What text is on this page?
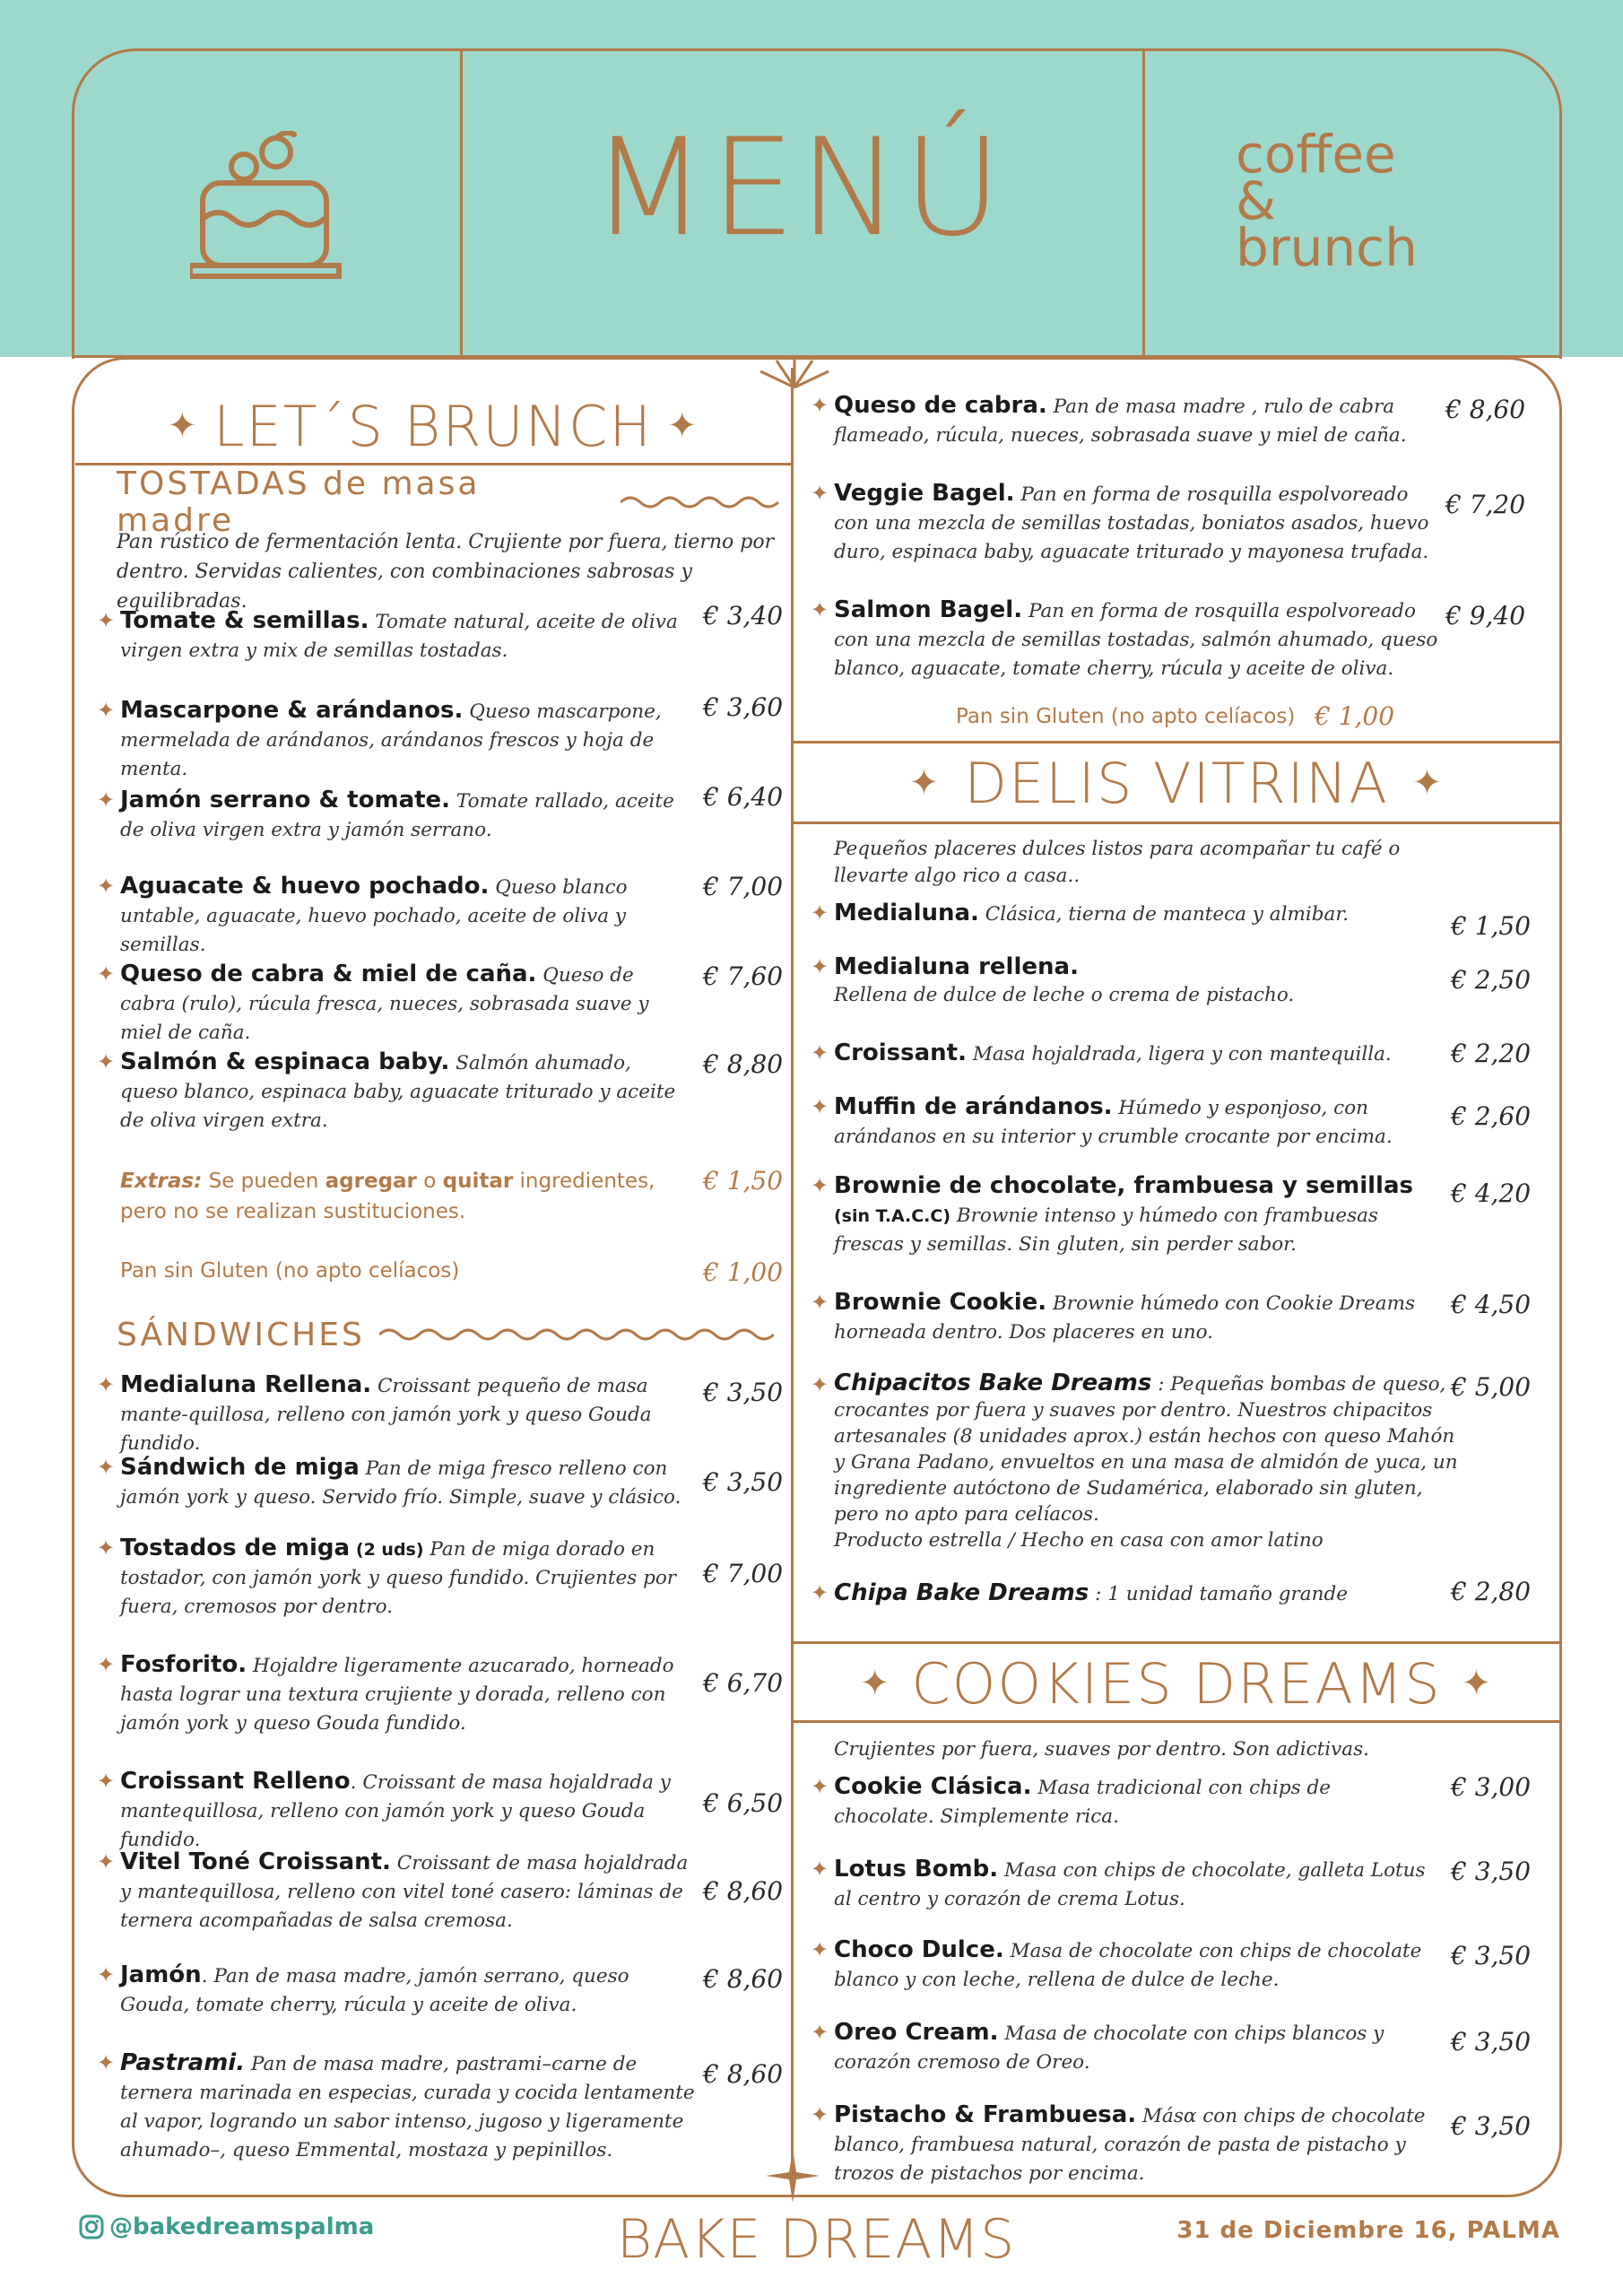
MENÚ	coffee
&
brunch
✦ LET´S BRUNCH ✦
TOSTADAS de masa madre
Pan rústico de fermentación lenta. Crujiente por fuera, tierno por dentro. Servidas calientes, con combinaciones sabrosas y equilibradas.
✦ Tomate & semillas. Tomate natural, aceite de oliva virgen extra y mix de semillas tostadas.
€ 3,40
✦ Mascarpone & arándanos. Queso mascarpone, mermelada de arándanos, arándanos frescos y hoja de menta.
€ 3,60
✦ Jamón serrano & tomate. Tomate rallado, aceite de oliva virgen extra y jamón serrano.
€ 6,40
✦ Aguacate & huevo pochado. Queso blanco untable, aguacate, huevo pochado, aceite de oliva y semillas.
€ 7,00
✦ Queso de cabra & miel de caña. Queso de cabra (rulo), rúcula fresca, nueces, sobrasada suave y miel de caña.
€ 7,60
✦ Salmón & espinaca baby. Salmón ahumado, queso blanco, espinaca baby, aguacate triturado y aceite de oliva virgen extra.
€ 8,80
Extras: Se pueden agregar o quitar ingredientes, pero no se realizan sustituciones.
€ 1,50
Pan sin Gluten (no apto celíacos)	€ 1,00
SÁNDWICHES
✦ Medialuna Rellena. Croissant pequeño de masa mante-quillosa, relleno con jamón york y queso Gouda fundido.
€ 3,50
✦ Sándwich de miga Pan de miga fresco relleno con jamón york y queso. Servido frío. Simple, suave y clásico.
€ 3,50
✦ Tostados de miga (2 uds) Pan de miga dorado en tostador, con jamón york y queso fundido. Crujientes por fuera, cremosos por dentro.
€ 7,00
✦ Fosforito. Hojaldre ligeramente azucarado, horneado hasta lograr una textura crujiente y dorada, relleno con jamón york y queso Gouda fundido.
€ 6,70
✦ Croissant Relleno. Croissant de masa hojaldrada y mantequillosa, relleno con jamón york y queso Gouda fundido.
€ 6,50
✦ Vitel Toné Croissant. Croissant de masa hojaldrada y mantequillosa, relleno con vitel toné casero: láminas de ternera acompañadas de salsa cremosa.
€ 8,60
✦ Jamón. Pan de masa madre, jamón serrano, queso Gouda, tomate cherry, rúcula y aceite de oliva.
€ 8,60
✦ Pastrami. Pan de masa madre, pastrami–carne de ternera marinada en especias, curada y cocida lentamente al vapor, logrando un sabor intenso, jugoso y ligeramente ahumado–, queso Emmental, mostaza y pepinillos.
€ 8,60
✦ Queso de cabra. Pan de masa madre , rulo de cabra flameado, rúcula, nueces, sobrasada suave y miel de caña.
€ 8,60
✦ Veggie Bagel. Pan en forma de rosquilla espolvoreado con una mezcla de semillas tostadas, boniatos asados, huevo duro, espinaca baby, aguacate triturado y mayonesa trufada.
€ 7,20
✦ Salmon Bagel. Pan en forma de rosquilla espolvoreado con una mezcla de semillas tostadas, salmón ahumado, queso blanco, aguacate, tomate cherry, rúcula y aceite de oliva.
€ 9,40
Pan sin Gluten (no apto celíacos) € 1,00
✦ DELIS VITRINA ✦
Pequeños placeres dulces listos para acompañar tu café o llevarte algo rico a casa..
✦ Medialuna. Clásica, tierna de manteca y almibar.	€ 1,50
✦ Medialuna rellena.
Rellena de dulce de leche o crema de pistacho.
€ 2,50
✦ Croissant. Masa hojaldrada, ligera y con mantequilla.	€ 2,20
✦ Muffin de arándanos. Húmedo y esponjoso, con arándanos en su interior y crumble crocante por encima.
€ 2,60
✦ Brownie de chocolate, frambuesa y semillas (sin T.A.C.C) Brownie intenso y húmedo con frambuesas frescas y semillas. Sin gluten, sin perder sabor.
€ 4,20
✦ Brownie Cookie. Brownie húmedo con Cookie Dreams horneada dentro. Dos placeres en uno.
€ 4,50
✦ Chipacitos Bake Dreams : Pequeñas bombas de queso, crocantes por fuera y suaves por dentro. Nuestros chipacitos artesanales (8 unidades aprox.) están hechos con queso Mahón y Grana Padano, envueltos en una masa de almidón de yuca, un ingrediente autóctono de Sudamérica, elaborado sin gluten, pero no apto para celíacos.
Producto estrella / Hecho en casa con amor latino
€ 5,00
✦ Chipa Bake Dreams : 1 unidad tamaño grande	€ 2,80
✦ COOKIES DREAMS ✦
Crujientes por fuera, suaves por dentro. Son adictivas.
✦ Cookie Clásica. Masa tradicional con chips de chocolate. Simplemente rica.
€ 3,00
✦ Lotus Bomb. Masa con chips de chocolate, galleta Lotus al centro y corazón de crema Lotus.
€ 3,50
✦ Choco Dulce. Masa de chocolate con chips de chocolate blanco y con leche, rellena de dulce de leche.
€ 3,50
✦ Oreo Cream. Masa de chocolate con chips blancos y corazón cremoso de Oreo.
€ 3,50
✦ Pistacho & Frambuesa. Másα con chips de chocolate blanco, frambuesa natural, corazón de pasta de pistacho y trozos de pistachos por encima.
€ 3,50
@bakedreamspalma	BAKE DREAMS	31 de Diciembre 16, PALMA
